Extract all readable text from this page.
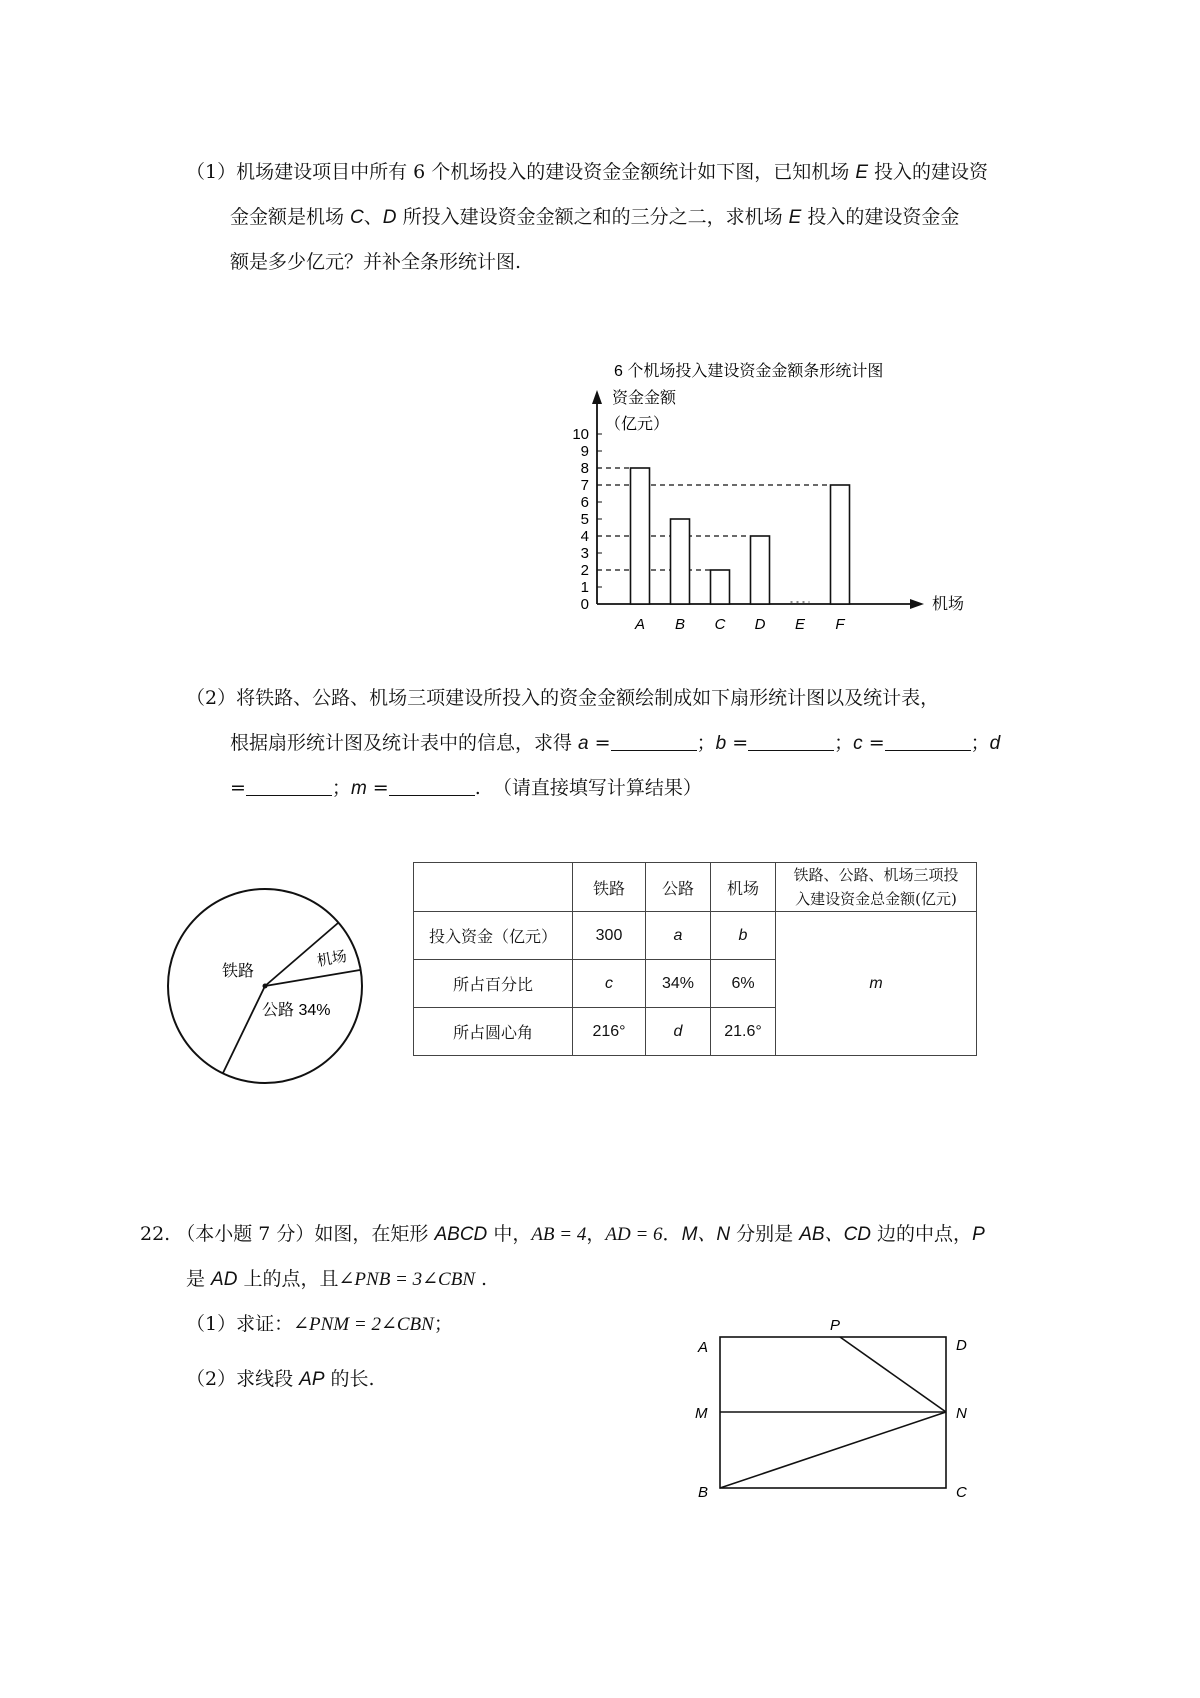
（1）机场建设项目中所有 6 个机场投入的建设资金金额统计如下图，已知机场 E 投入的建设资
金金额是机场 C、D 所投入建设资金金额之和的三分之二，求机场 E 投入的建设资金金
额是多少亿元？并补全条形统计图.
6 个机场投入建设资金金额条形统计图
资金金额
（亿元）
机场
0
1
2
3
4
5
6
7
8
9
10
A B C D E F
（2）将铁路、公路、机场三项建设所投入的资金金额绘制成如下扇形统计图以及统计表，
根据扇形统计图及统计表中的信息，求得 a =	；b =	；c =	；d
=	；m =	. （请直接填写计算结果）
铁路
公路 34%
机场
	铁路	公路	机场	铁路、公路、机场三项投
入建设资金总金额(亿元)
投入资金（亿元）	300	a	b	m
所占百分比	c	34%	6%	
所占圆心角	216°	d	21.6°	
22. （本小题 7 分）如图，在矩形 ABCD 中，AB = 4，AD = 6．M、N 分别是 AB、CD 边的中点，P
是 AD 上的点，且∠PNB = 3∠CBN .
（1）求证：∠PNM = 2∠CBN；
（2）求线段 AP 的长.
A	D
M	N
B	C
P
